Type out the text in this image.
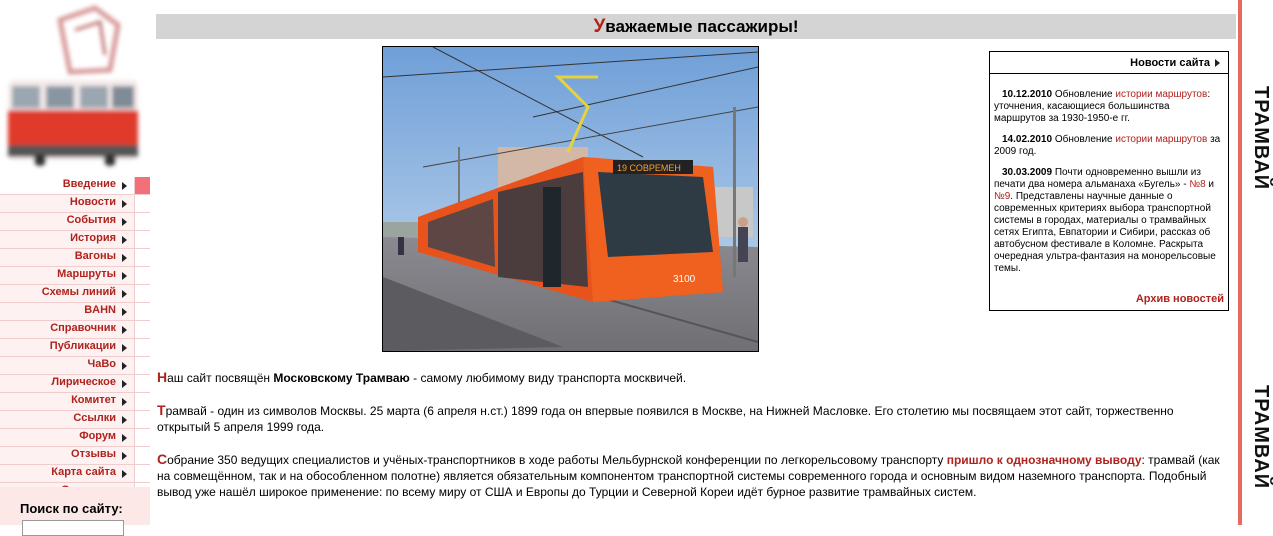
Введение
Новости
События
История
Вагоны
Маршруты
Схемы линий
BAHN
Справочник
Публикации
ЧаВо
Лирическое
Комитет
Ссылки
Форум
Отзывы
Карта сайта
Поиск по сайту:
ТРАМВАЙ
ТРАМВАЙ
Уважаемые пассажиры!
19 СОВРЕМЕН
3100
Новости сайта
10.12.2010 Обновление истории маршрутов: уточнения, касающиеся большинства маршрутов за 1930-1950-е гг.
14.02.2010 Обновление истории маршрутов за 2009 год.
30.03.2009 Почти одновременно вышли из печати два номера альманаха «Бугель» - №8 и №9. Представлены научные данные о современных критериях выбора транспортной системы в городах, материалы о трамвайных сетях Египта, Евпатории и Сибири, рассказ об автобусном фестивале в Коломне. Раскрыта очередная ультра-фантазия на монорельсовые темы.
Архив новостей

Наш сайт посвящён Московскому Трамваю - самому любимому виду транспорта москвичей.

Трамвай - один из символов Москвы. 25 марта (6 апреля н.ст.) 1899 года он впервые появился в Москве, на Нижней Масловке. Его столетию мы посвящаем этот сайт, торжественно открытый 5 апреля 1999 года.

Собрание 350 ведущих специалистов и учёных-транспортников в ходе работы Мельбурнской конференции по легкорельсовому транспорту пришло к однозначному выводу: трамвай (как на совмещённом, так и на обособленном полотне) является обязательным компонентом транспортной системы современного города и основным видом наземного транспорта. Подобный вывод уже нашёл широкое применение: по всему миру от США и Европы до Турции и Северной Кореи идёт бурное развитие трамвайных систем.
